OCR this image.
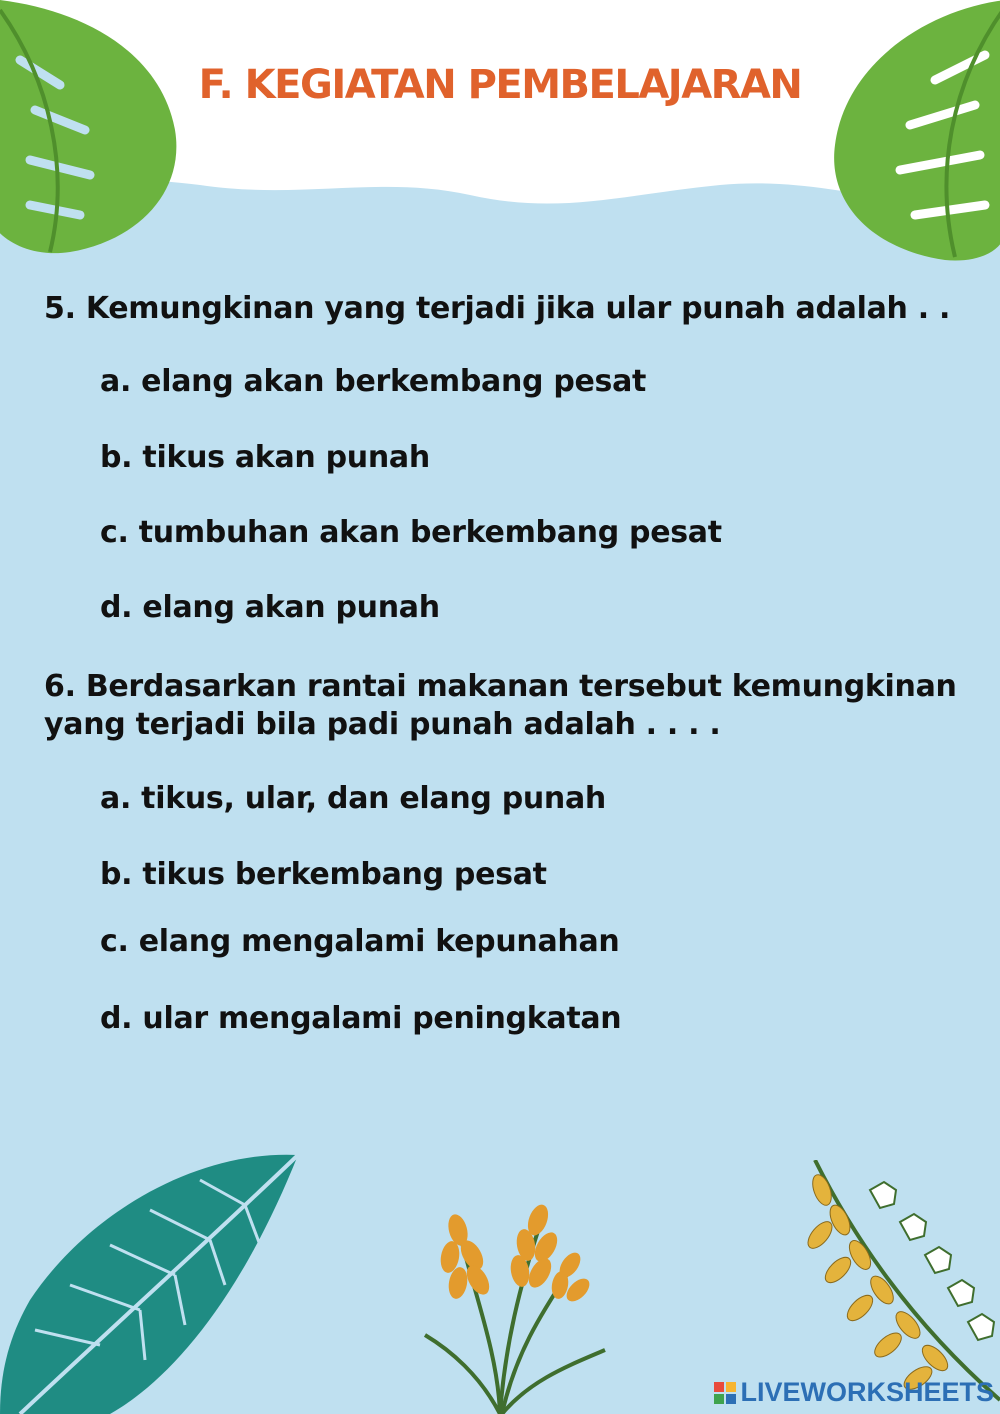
F. KEGIATAN PEMBELAJARAN

5. Kemungkinan yang terjadi jika ular punah adalah . .

a. elang akan berkembang pesat
b. tikus akan punah
c. tumbuhan akan berkembang pesat
d. elang akan punah

6. Berdasarkan rantai makanan tersebut kemungkinan yang terjadi bila padi punah adalah . . . .

a. tikus, ular, dan elang punah
b. tikus berkembang pesat
c. elang mengalami kepunahan
d. ular mengalami peningkatan
LIVEWORKSHEETS
